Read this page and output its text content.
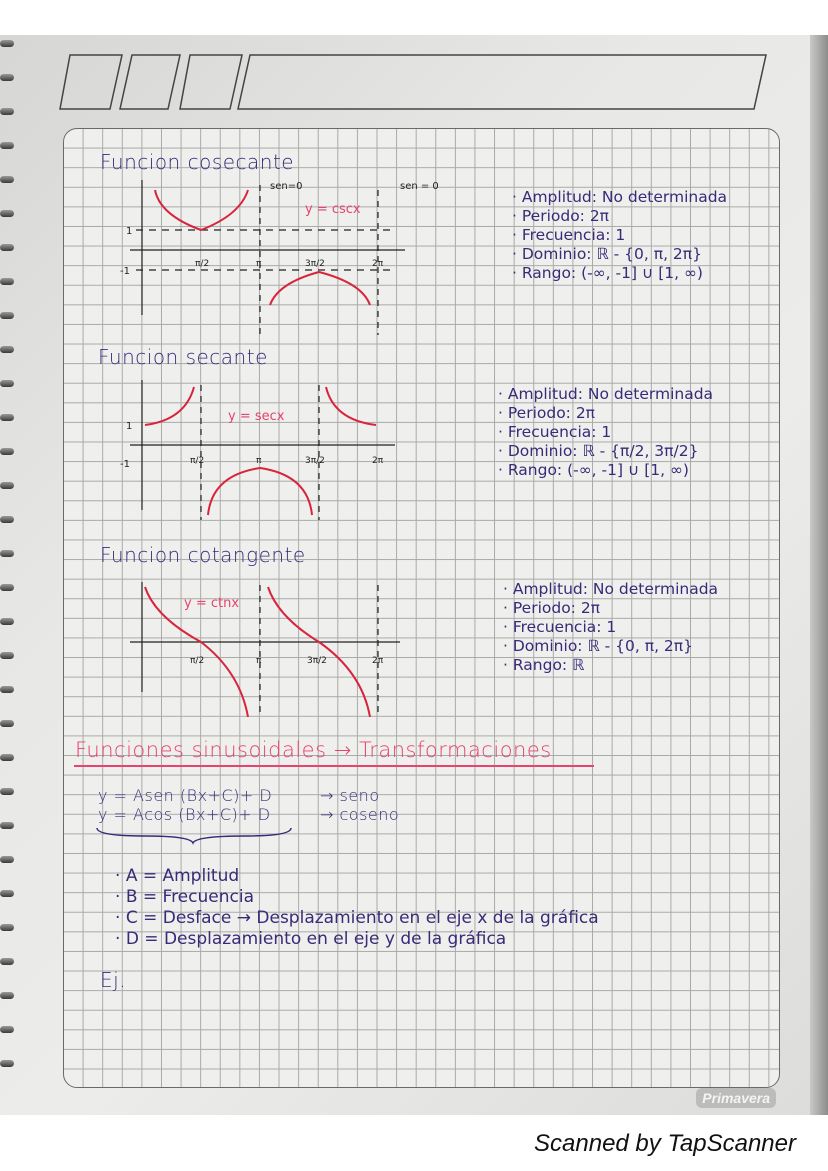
Funcion cosecante
1
-1
π/2	π	3π/2	2π
y = cscx
sen=0	sen = 0
· Amplitud: No determinada
· Periodo: 2π
· Frecuencia: 1
· Dominio: ℝ - {0, π, 2π}
· Rango: (-∞, -1] ∪ [1, ∞)
Funcion secante
1
-1	π/2	π	3π/2	2π
y = secx
· Amplitud: No determinada
· Periodo: 2π
· Frecuencia: 1
· Dominio: ℝ - {π/2, 3π/2}
· Rango: (-∞, -1] ∪ [1, ∞)
Funcion cotangente
π/2	π	3π/2	2π
y = ctnx
· Amplitud: No determinada
· Periodo: 2π
· Frecuencia: 1
· Dominio: ℝ - {0, π, 2π}
· Rango: ℝ
Funciones sinusoidales → Transformaciones
y = Asen (Bx+C)+ D	→ seno
y = Acos (Bx+C)+ D	→ coseno
· A = Amplitud
· B = Frecuencia
· C = Desface → Desplazamiento en el eje x de la gráfica
· D = Desplazamiento en el eje y de la gráfica
Ej.
Primavera
Scanned by TapScanner
